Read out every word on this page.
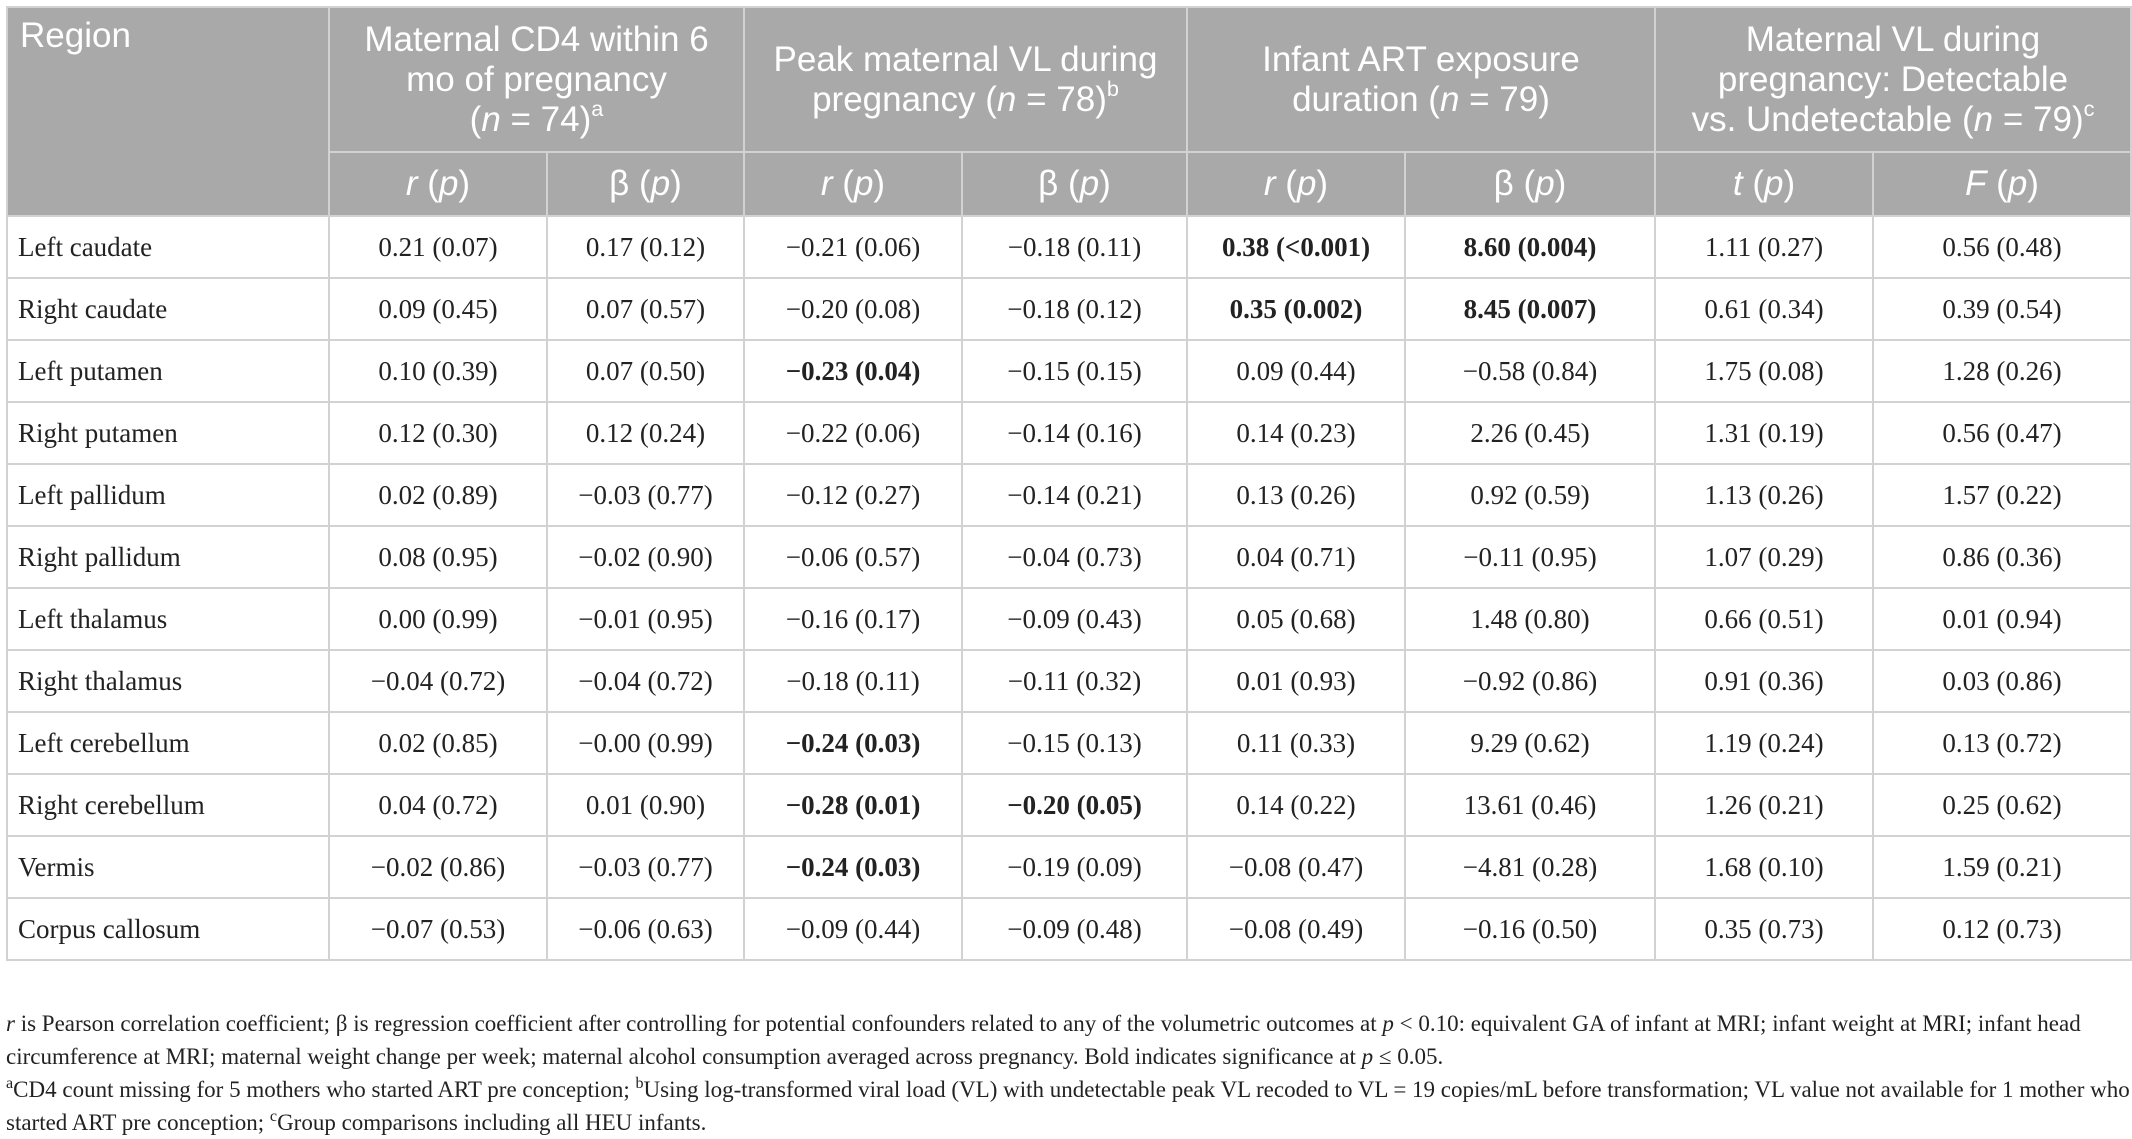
Region	Maternal CD4 within 6
mo of pregnancy
(n = 74)$^a$		Peak maternal VL during
pregnancy (n = 78)$^b$		Infant ART exposure
duration (n = 79)		Maternal VL during
pregnancy: Detectable
vs. Undetectable (n = 79)$^c$
	r (p)	β (p)	r (p)	β (p)	r (p)	β (p)	t (p)	F (p)
Left caudate	0.21 (0.07)	0.17 (0.12)	−0.21 (0.06)	−0.18 (0.11)	0.38 (<0.001)	8.60 (0.004)	1.11 (0.27)	0.56 (0.48)
Right caudate	0.09 (0.45)	0.07 (0.57)	−0.20 (0.08)	−0.18 (0.12)	0.35 (0.002)	8.45 (0.007)	0.61 (0.34)	0.39 (0.54)
Left putamen	0.10 (0.39)	0.07 (0.50)	−0.23 (0.04)	−0.15 (0.15)	0.09 (0.44)	−0.58 (0.84)	1.75 (0.08)	1.28 (0.26)
Right putamen	0.12 (0.30)	0.12 (0.24)	−0.22 (0.06)	−0.14 (0.16)	0.14 (0.23)	2.26 (0.45)	1.31 (0.19)	0.56 (0.47)
Left pallidum	0.02 (0.89)	−0.03 (0.77)	−0.12 (0.27)	−0.14 (0.21)	0.13 (0.26)	0.92 (0.59)	1.13 (0.26)	1.57 (0.22)
Right pallidum	0.08 (0.95)	−0.02 (0.90)	−0.06 (0.57)	−0.04 (0.73)	0.04 (0.71)	−0.11 (0.95)	1.07 (0.29)	0.86 (0.36)
Left thalamus	0.00 (0.99)	−0.01 (0.95)	−0.16 (0.17)	−0.09 (0.43)	0.05 (0.68)	1.48 (0.80)	0.66 (0.51)	0.01 (0.94)
Right thalamus	−0.04 (0.72)	−0.04 (0.72)	−0.18 (0.11)	−0.11 (0.32)	0.01 (0.93)	−0.92 (0.86)	0.91 (0.36)	0.03 (0.86)
Left cerebellum	0.02 (0.85)	−0.00 (0.99)	−0.24 (0.03)	−0.15 (0.13)	0.11 (0.33)	9.29 (0.62)	1.19 (0.24)	0.13 (0.72)
Right cerebellum	0.04 (0.72)	0.01 (0.90)	−0.28 (0.01)	−0.20 (0.05)	0.14 (0.22)	13.61 (0.46)	1.26 (0.21)	0.25 (0.62)
Vermis	−0.02 (0.86)	−0.03 (0.77)	−0.24 (0.03)	−0.19 (0.09)	−0.08 (0.47)	−4.81 (0.28)	1.68 (0.10)	1.59 (0.21)
Corpus callosum	−0.07 (0.53)	−0.06 (0.63)	−0.09 (0.44)	−0.09 (0.48)	−0.08 (0.49)	−0.16 (0.50)	0.35 (0.73)	0.12 (0.73)

r is Pearson correlation coefficient; β is regression coefficient after controlling for potential confounders related to any of the volumetric outcomes at p < 0.10: equivalent GA of infant at MRI; infant weight at MRI; infant head circumference at MRI; maternal weight change per week; maternal alcohol consumption averaged across pregnancy. Bold indicates significance at p ≤ 0.05.

$^a$CD4 count missing for 5 mothers who started ART pre conception; $^b$Using log-transformed viral load (VL) with undetectable peak VL recoded to VL = 19 copies/mL before transformation; VL value not available for 1 mother who started ART pre conception; $^c$Group comparisons including all HEU infants.
